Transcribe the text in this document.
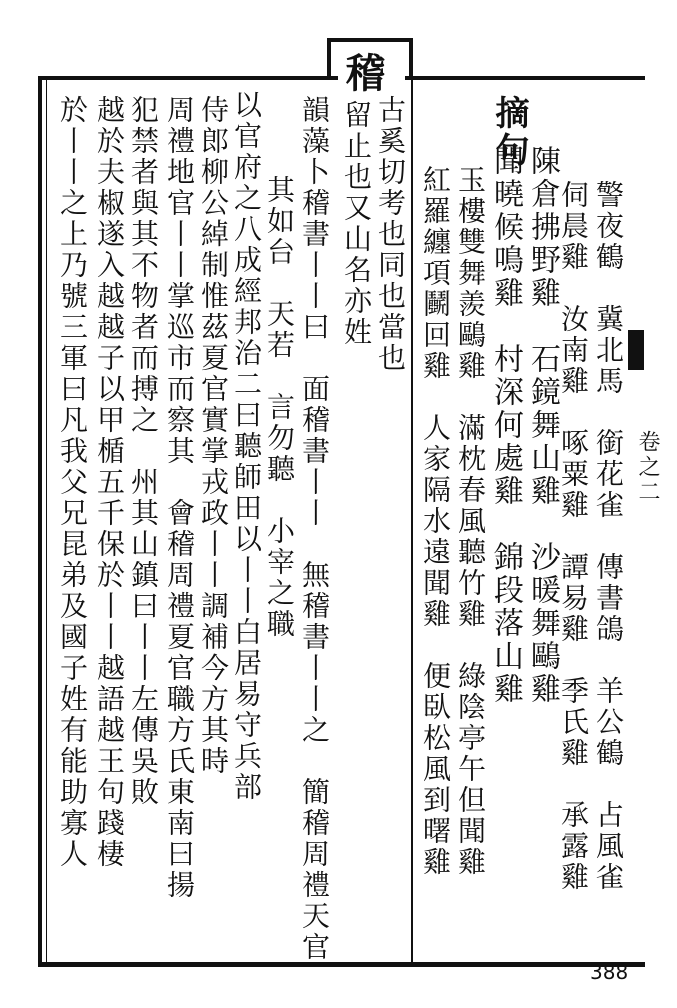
卷之二
388
警夜鶴　冀北馬　銜花雀　傳書鴿　羊公鶴　占風雀
伺晨雞　汝南雞　啄粟雞　譚易雞　季氏雞　承露雞
陳倉拂野雞　石鏡舞山雞　沙暖舞鷗雞
聞曉候鳴雞　村深何處雞　錦段落山雞
玉樓雙舞羨鷗雞　滿枕春風聽竹雞　綠陰亭午但聞雞
紅羅纏項鬭回雞　人家隔水遠聞雞　便臥松風到曙雞
摘句
稽
古奚切考也同也當也
留止也又山名亦姓
韻藻卜稽書丨丨曰　面稽書丨丨　無稽書丨丨之　簡稽周禮天官
其如台　天若　言勿聽　小宰之職
以官府之八成經邦治二曰聽師田以丨丨白居易守兵部
侍郎柳公綽制惟茲夏官實掌戎政丨丨調補今方其時
周禮地官丨丨掌巡市而察其　會稽周禮夏官職方氏東南曰揚
犯禁者與其不物者而搏之　州其山鎮曰丨丨左傳吳敗
越於夫椒遂入越越子以甲楯五千保於丨丨越語越王句踐棲
於丨丨之上乃號三軍曰凡我父兄昆弟及國子姓有能助寡人
